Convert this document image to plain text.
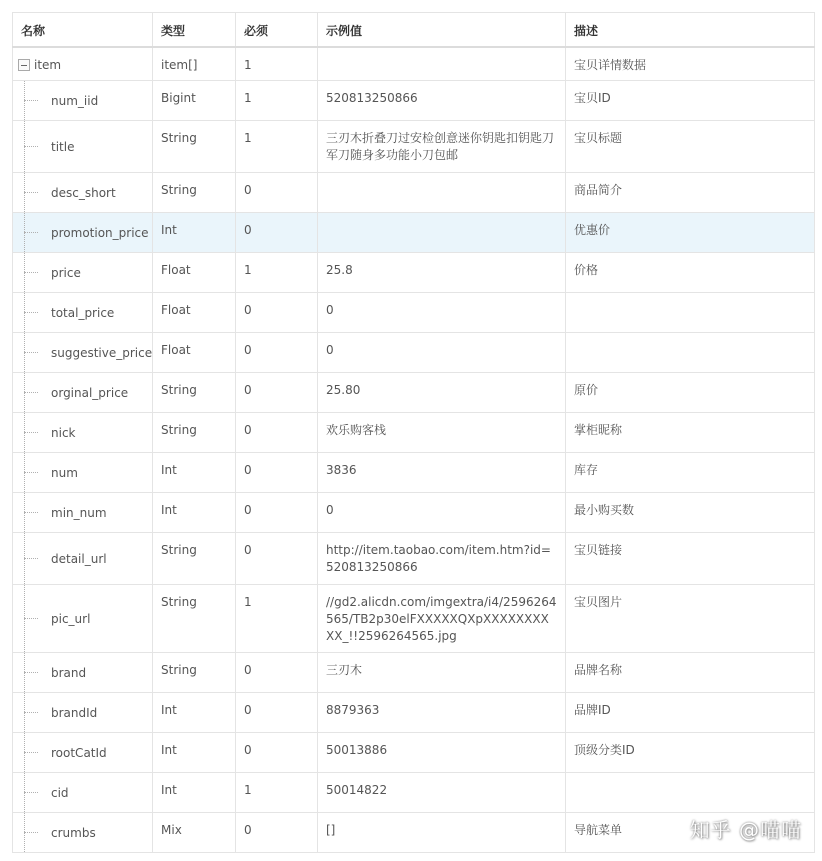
名称	类型	必须	示例值	描述

item	item[]	1		宝贝详情数据

num_iid	Bigint	1	520813250866	宝贝ID

title	String	1	三刃木折叠刀过安检创意迷你钥匙扣钥匙刀军刀随身多功能小刀包邮	宝贝标题

desc_short	String	0		商品简介

promotion_price	Int	0		优惠价

price	Float	1	25.8	价格

total_price	Float	0	0	

suggestive_price	Float	0	0	

orginal_price	String	0	25.80	原价

nick	String	0	欢乐购客栈	掌柜昵称

num	Int	0	3836	库存

min_num	Int	0	0	最小购买数

detail_url	String	0	http://item.taobao.com/item.htm?id=520813250866	宝贝链接

pic_url	String	1	//gd2.alicdn.com/imgextra/i4/2596264565/TB2p30elFXXXXXQXpXXXXXXXXXX_!!2596264565.jpg	宝贝图片

brand	String	0	三刃木	品牌名称

brandId	Int	0	8879363	品牌ID

rootCatId	Int	0	50013886	顶级分类ID

cid	Int	1	50014822	

crumbs	Mix	0	[]	导航菜单	知乎 @喵喵
